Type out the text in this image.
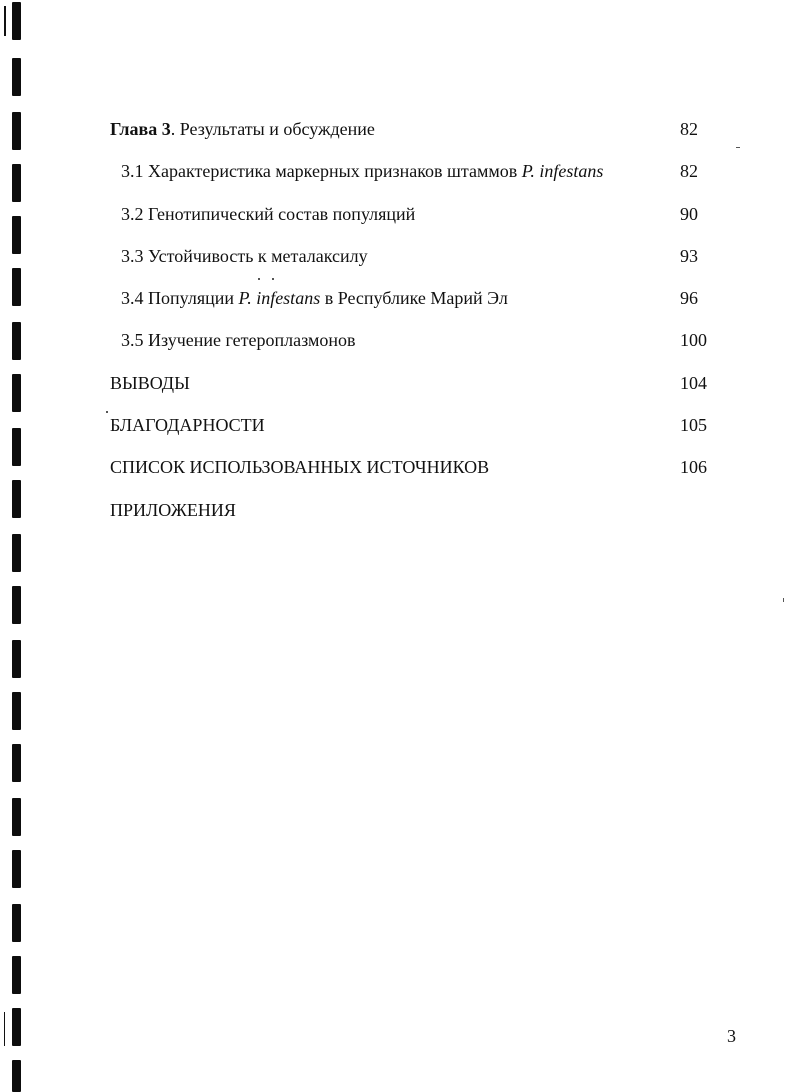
Глава 3. Результаты и обсуждение	82
3.1 Характеристика маркерных признаков штаммов P. infestans	82
3.2 Генотипический состав популяций	90
3.3 Устойчивость к металаксилу	93
3.4 Популяции P. infestans в Республике Марий Эл	96
3.5 Изучение гетероплазмонов	100
ВЫВОДЫ	104
БЛАГОДАРНОСТИ	105
СПИСОК ИСПОЛЬЗОВАННЫХ ИСТОЧНИКОВ	106
ПРИЛОЖЕНИЯ
3
